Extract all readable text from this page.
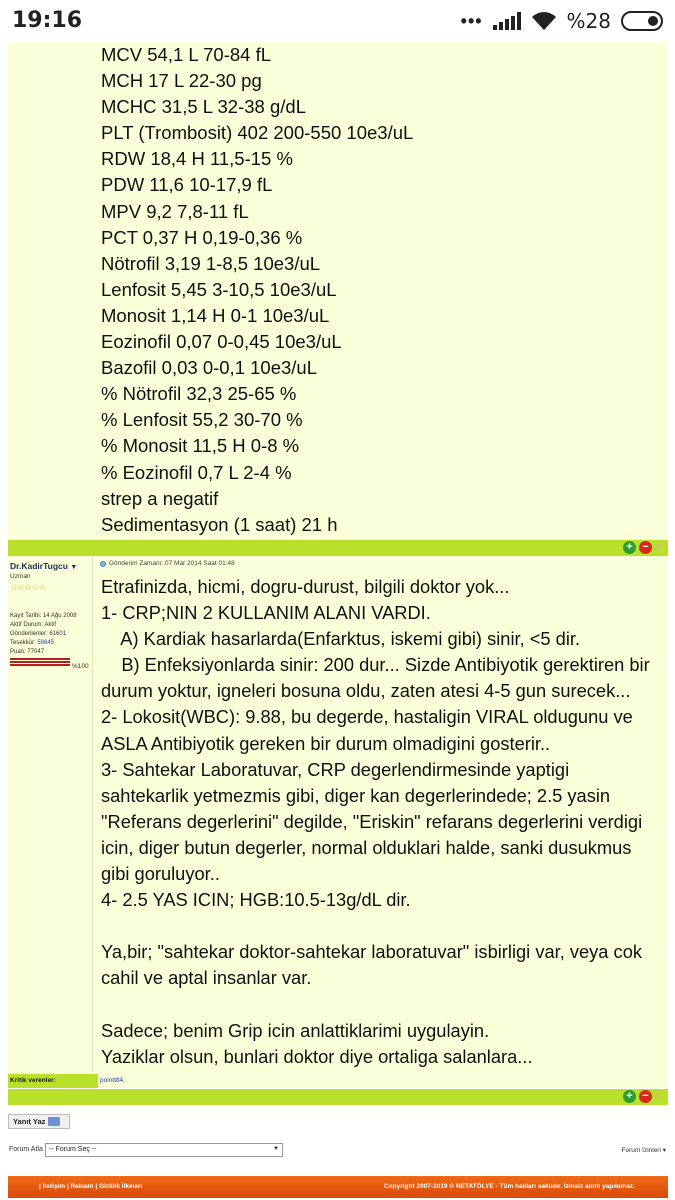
19:16	•••	%28
MCV 54,1 L 70-84 fL
MCH 17 L 22-30 pg
MCHC 31,5 L 32-38 g/dL
PLT (Trombosit) 402 200-550 10e3/uL
RDW 18,4 H 11,5-15 %
PDW 11,6 10-17,9 fL
MPV 9,2 7,8-11 fL
PCT 0,37 H 0,19-0,36 %
Nötrofil 3,19 1-8,5 10e3/uL
Lenfosit 5,45 3-10,5 10e3/uL
Monosit 1,14 H 0-1 10e3/uL
Eozinofil 0,07 0-0,45 10e3/uL
Bazofil 0,03 0-0,1 10e3/uL
% Nötrofil 32,3 25-65 %
% Lenfosit 55,2 30-70 %
% Monosit 11,5 H 0-8 %
% Eozinofil 0,7 L 2-4 %
strep a negatif
Sedimentasyon (1 saat) 21 h
+ − ×
Dr.KadirTugcu ▼
Uzman
☆☆☆☆☆
Kayıt Tarihi: 14 Ağu 2008
Aktif Durum: Aktif
Gönderilenler: 61601
Tesekkür: 59845
Puan: 77047
%100
Gönderim Zamanı: 07 Mar 2014 Saat 01:48
Etrafinizda, hicmi, dogru-durust, bilgili doktor yok...
1- CRP;NIN 2 KULLANIM ALANI VARDI.
A) Kardiak hasarlarda(Enfarktus, iskemi gibi) sinir, <5 dir.
B) Enfeksiyonlarda sinir: 200 dur... Sizde Antibiyotik gerektiren bir
durum yoktur, igneleri bosuna oldu, zaten atesi 4-5 gun surecek...
2- Lokosit(WBC): 9.88, bu degerde, hastaligin VIRAL oldugunu ve
ASLA Antibiyotik gereken bir durum olmadigini gosterir..
3- Sahtekar Laboratuvar, CRP degerlendirmesinde yaptigi
sahtekarlik yetmezmis gibi, diger kan degerlerindede; 2.5 yasin
"Referans degerlerini" degilde, "Eriskin" refarans degerlerini verdigi
icin, diger butun degerler, normal olduklari halde, sanki dusukmus
gibi goruluyor..
4- 2.5 YAS ICIN; HGB:10.5-13g/dL dir.
Ya,bir; "sahtekar doktor-sahtekar laboratuvar" isbirligi var, veya cok
cahil ve aptal insanlar var.
Sadece; benim Grip icin anlattiklarimi uygulayin.
Yaziklar olsun, bunlari doktor diye ortaliga salanlara...
Kritik verenler:	pointt84,
+ − ×
Yanıt Yaz
Forum Atla -- Forum Seç --	▼	Forum İzinleri ▾
| İletişim | Reklam | Gizlilik İlkeleri	Copyright 2007-2019 © NETATÖLYE - Tüm hakları saklıdır. İzinsiz alıntı yapılamaz.
